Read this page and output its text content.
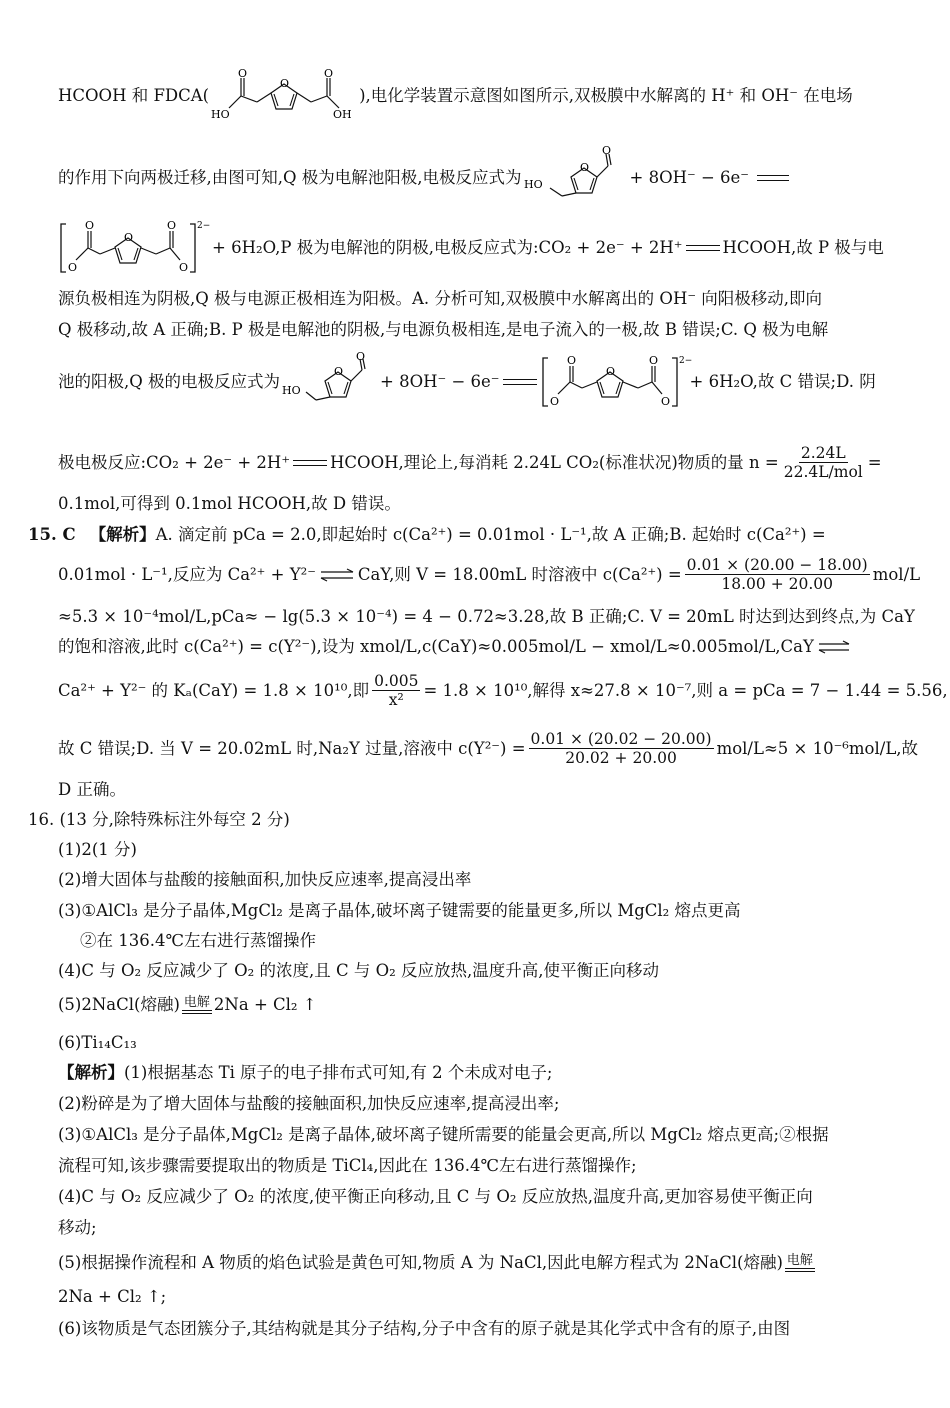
HCOOH 和 FDCA(
O
O
HO
O
OH
),电化学装置示意图如图所示,双极膜中水解离的 H⁺ 和 OH⁻ 在电场
的作用下向两极迁移,由图可知,Q 极为电解池阳极,电极反应式为
O
HO
O
+ 8OH⁻ − 6e⁻
O
O
O
O
O
2−
+ 6H₂O,P 极为电解池的阴极,电极反应式为:CO₂ + 2e⁻ + 2H⁺ HCOOH,故 P 极与电
源负极相连为阴极,Q 极与电源正极相连为阳极。A. 分析可知,双极膜中水解离出的 OH⁻ 向阳极移动,即向
Q 极移动,故 A 正确;B. P 极是电解池的阴极,与电源负极相连,是电子流入的一极,故 B 错误;C. Q 极为电解
池的阳极,Q 极的电极反应式为
O
HO
O
+ 8OH⁻ − 6e⁻
O
O
O
O
O
2−
+ 6H₂O,故 C 错误;D. 阴
极电极反应:CO₂ + 2e⁻ + 2H⁺ HCOOH,理论上,每消耗 2.24L CO₂(标准状况)物质的量 $n = \frac{2.24L}{\text{22.4L/mol}}$ =
0.1mol,可得到 0.1mol HCOOH,故 D 错误。
15. C 【解析】 A. 滴定前 pCa = 2.0,即起始时 c(Ca²⁺) = 0.01mol · L⁻¹,故 A 正确;B. 起始时 c(Ca²⁺) =
0.01mol · L⁻¹,反应为 Ca²⁺ + Y²⁻ ⇌ CaY,则 V = 18.00mL 时溶液中 $c(Ca^{2+}) = \frac{0.01 \times (20.00 - 18.00)}{18.00 + 20.00} mol/L$
≈5.3 × 10⁻⁴mol/L,pCa≈ − lg(5.3 × 10⁻⁴) = 4 − 0.72≈3.28,故 B 正确;C. V = 20mL 时达到达到终点,为 CaY
的饱和溶液,此时 c(Ca²⁺) = c(Y²⁻),设为 xmol/L,c(CaY)≈0.005mol/L − xmol/L≈0.005mol/L,CaY ⇌
Ca²⁺ + Y²⁻ 的 Kₐ(CaY) = 1.8 × 10¹⁰,即 $\frac{0.005}{\text{x²}} = 1.8 \times 10^{10}$,解得 x≈27.8 × 10⁻⁷,则 a = pCa = 7 − 1.44 = 5.56,
故 C 错误;D. 当 V = 20.02mL 时,Na₂Y 过量,溶液中 $c(Y^{2-}) = \frac{0.01 \times (20.02 - 20.00)}{20.02 + 20.00} mol/L\approx 5 \times 10^{-6}mol/L$,故
D 正确。
16. (13 分,除特殊标注外每空 2 分)
(1)2(1 分)
(2)增大固体与盐酸的接触面积,加快反应速率,提高浸出率
(3)①AlCl₃ 是分子晶体,MgCl₂ 是离子晶体,破坏离子键需要的能量更多,所以 MgCl₂ 熔点更高
②在 136.4℃左右进行蒸馏操作
(4)C 与 O₂ 反应减少了 O₂ 的浓度,且 C 与 O₂ 反应放热,温度升高,使平衡正向移动
(5)2NaCl(熔融) 电解 2Na + Cl₂ ↑
(6)Ti₁₄C₁₃
【解析】 (1)根据基态 Ti 原子的电子排布式可知,有 2 个未成对电子;
(2)粉碎是为了增大固体与盐酸的接触面积,加快反应速率,提高浸出率;
(3)①AlCl₃ 是分子晶体,MgCl₂ 是离子晶体,破坏离子键所需要的能量会更高,所以 MgCl₂ 熔点更高;②根据
流程可知,该步骤需要提取出的物质是 TiCl₄,因此在 136.4℃左右进行蒸馏操作;
(4)C 与 O₂ 反应减少了 O₂ 的浓度,使平衡正向移动,且 C 与 O₂ 反应放热,温度升高,更加容易使平衡正向
移动;
(5)根据操作流程和 A 物质的焰色试验是黄色可知,物质 A 为 NaCl,因此电解方程式为 2NaCl(熔融) 电解
2Na + Cl₂ ↑;
(6)该物质是气态团簇分子,其结构就是其分子结构,分子中含有的原子就是其化学式中含有的原子,由图
